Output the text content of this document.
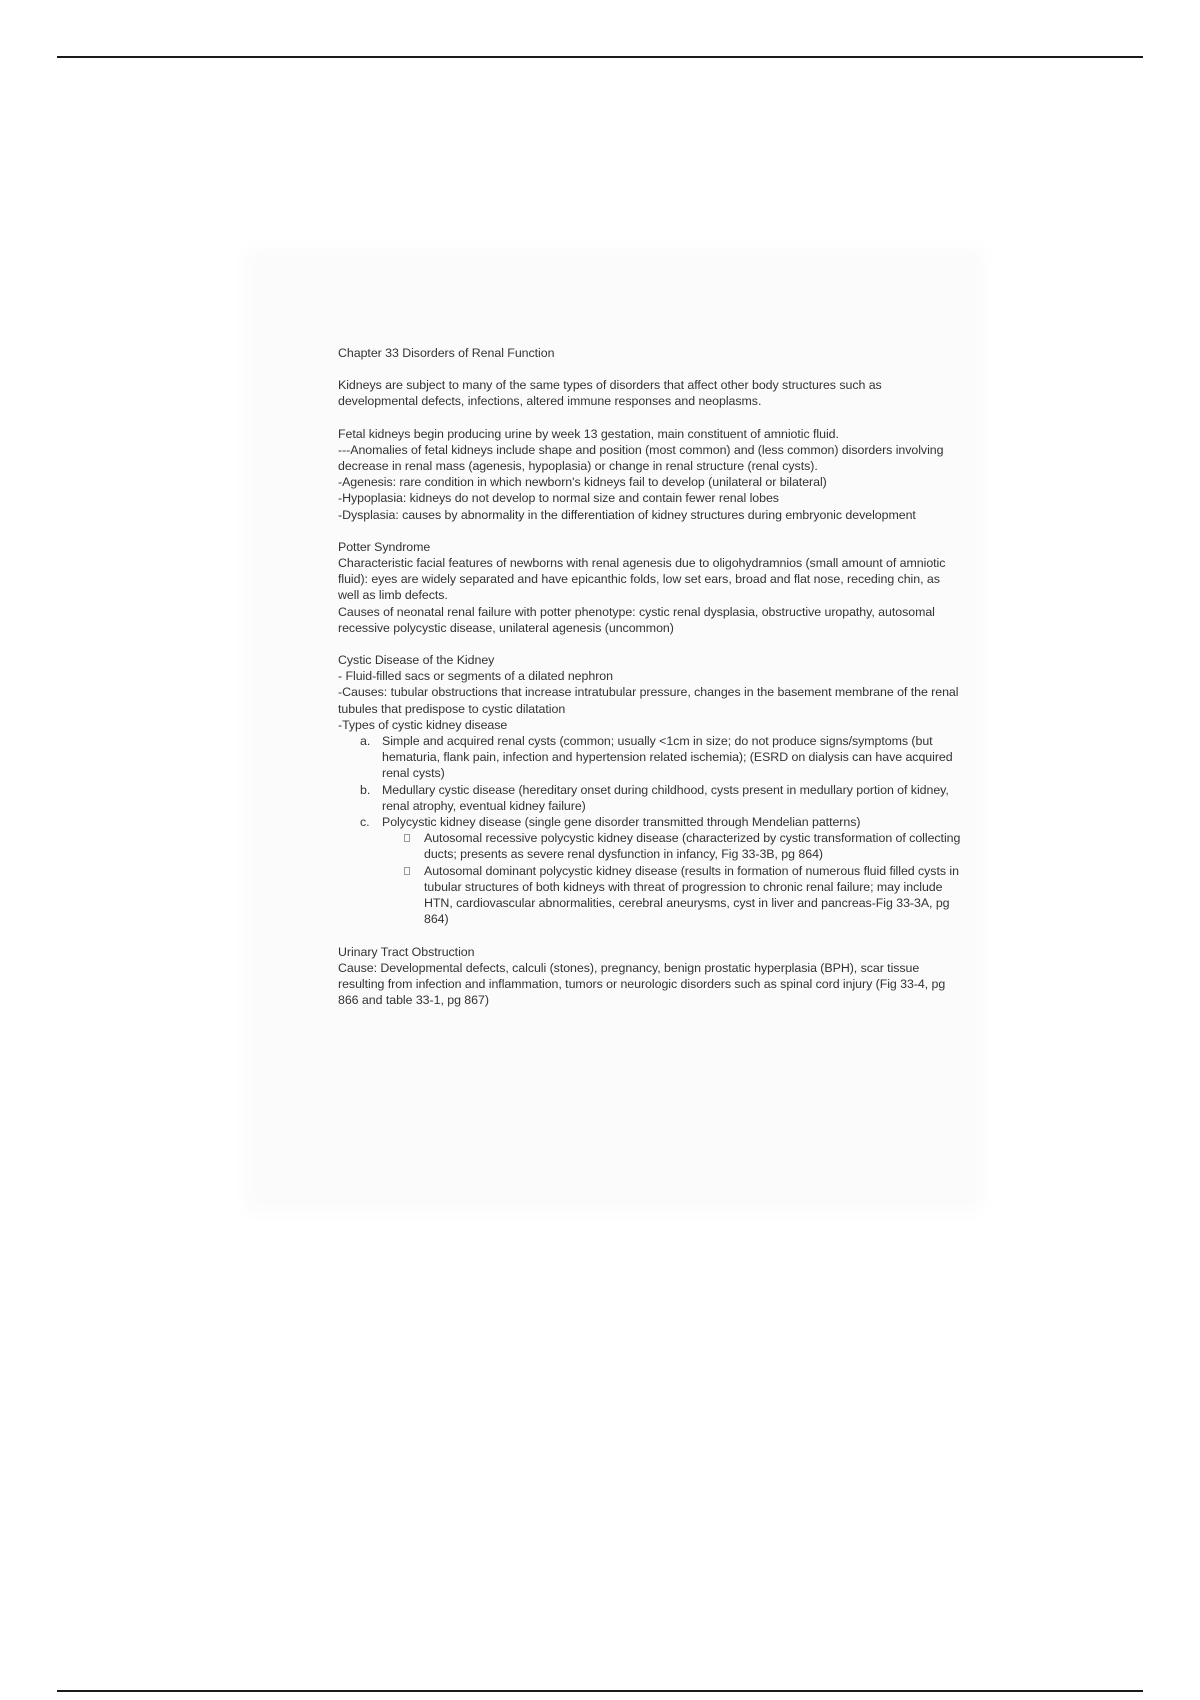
Chapter 33 Disorders of Renal Function

Kidneys are subject to many of the same types of disorders that affect other body structures such as developmental defects, infections, altered immune responses and neoplasms.

Fetal kidneys begin producing urine by week 13 gestation, main constituent of amniotic fluid.

---Anomalies of fetal kidneys include shape and position (most common) and (less common) disorders involving decrease in renal mass (agenesis, hypoplasia) or change in renal structure (renal cysts).

-Agenesis: rare condition in which newborn's kidneys fail to develop (unilateral or bilateral)

-Hypoplasia: kidneys do not develop to normal size and contain fewer renal lobes

-Dysplasia: causes by abnormality in the differentiation of kidney structures during embryonic development

Potter Syndrome

Characteristic facial features of newborns with renal agenesis due to oligohydramnios (small amount of amniotic fluid): eyes are widely separated and have epicanthic folds, low set ears, broad and flat nose, receding chin, as well as limb defects.

Causes of neonatal renal failure with potter phenotype: cystic renal dysplasia, obstructive uropathy, autosomal recessive polycystic disease, unilateral agenesis (uncommon)

Cystic Disease of the Kidney

- Fluid-filled sacs or segments of a dilated nephron

-Causes: tubular obstructions that increase intratubular pressure, changes in the basement membrane of the renal tubules that predispose to cystic dilatation

-Types of cystic kidney disease

a. Simple and acquired renal cysts (common; usually <1cm in size; do not produce signs/symptoms (but hematuria, flank pain, infection and hypertension related ischemia); (ESRD on dialysis can have acquired renal cysts)
b. Medullary cystic disease (hereditary onset during childhood, cysts present in medullary portion of kidney, renal atrophy, eventual kidney failure)
c. Polycystic kidney disease (single gene disorder transmitted through Mendelian patterns)
Autosomal recessive polycystic kidney disease (characterized by cystic transformation of collecting ducts; presents as severe renal dysfunction in infancy, Fig 33-3B, pg 864)
Autosomal dominant polycystic kidney disease (results in formation of numerous fluid filled cysts in tubular structures of both kidneys with threat of progression to chronic renal failure; may include HTN, cardiovascular abnormalities, cerebral aneurysms, cyst in liver and pancreas-Fig 33-3A, pg 864)

Urinary Tract Obstruction

Cause: Developmental defects, calculi (stones), pregnancy, benign prostatic hyperplasia (BPH), scar tissue resulting from infection and inflammation, tumors or neurologic disorders such as spinal cord injury (Fig 33-4, pg 866 and table 33-1, pg 867)
